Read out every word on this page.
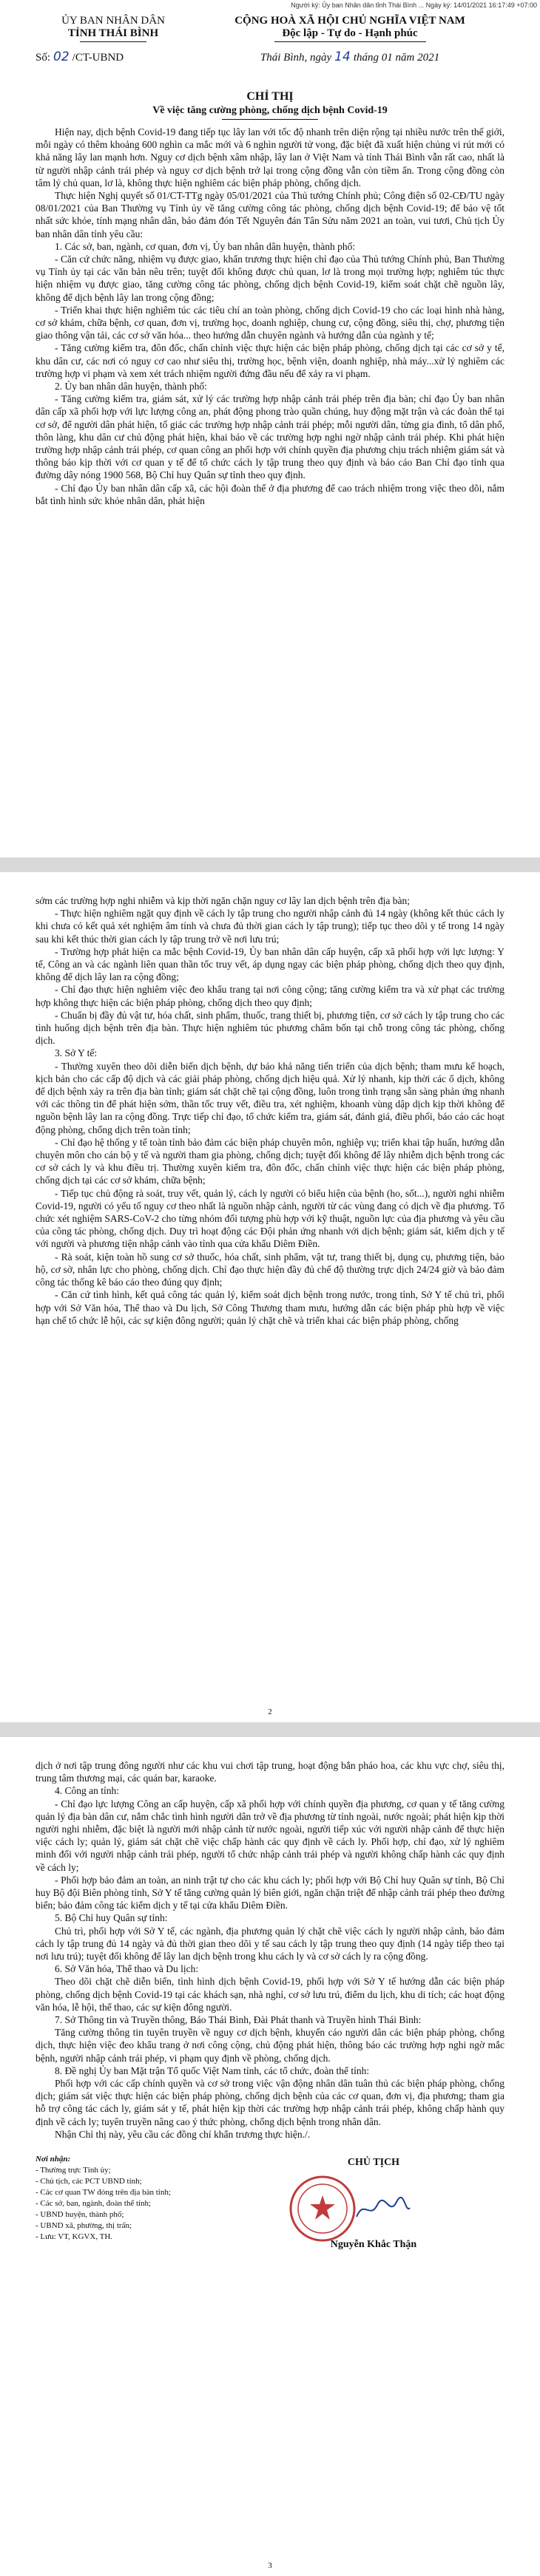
Người ký: Ủy ban Nhân dân tỉnh Thái Bình ... Ngày ký: 14/01/2021 16:17:49 +07:00
ỦY BAN NHÂN DÂN
TỈNH THÁI BÌNH
Số: 02 /CT-UBND
CỘNG HOÀ XÃ HỘI CHỦ NGHĨA VIỆT NAM
Độc lập - Tự do - Hạnh phúc
Thái Bình, ngày 14 tháng 01 năm 2021
CHỈ THỊ
Về việc tăng cường phòng, chống dịch bệnh Covid-19

Hiện nay, dịch bệnh Covid-19 đang tiếp tục lây lan với tốc độ nhanh trên diện rộng tại nhiều nước trên thế giới, mỗi ngày có thêm khoảng 600 nghìn ca mắc mới và 6 nghìn người tử vong, đặc biệt đã xuất hiện chủng vi rút mới có khả năng lây lan mạnh hơn. Nguy cơ dịch bệnh xâm nhập, lây lan ở Việt Nam và tỉnh Thái Bình vẫn rất cao, nhất là từ người nhập cảnh trái phép và nguy cơ dịch bệnh trở lại trong cộng đồng vẫn còn tiềm ẩn. Trong cộng đồng còn tâm lý chủ quan, lơ là, không thực hiện nghiêm các biện pháp phòng, chống dịch.

Thực hiện Nghị quyết số 01/CT-TTg ngày 05/01/2021 của Thủ tướng Chính phủ; Công điện số 02-CĐ/TU ngày 08/01/2021 của Ban Thường vụ Tỉnh ủy về tăng cường công tác phòng, chống dịch bệnh Covid-19; để bảo vệ tốt nhất sức khỏe, tính mạng nhân dân, bảo đảm đón Tết Nguyên đán Tân Sửu năm 2021 an toàn, vui tươi, Chủ tịch Ủy ban nhân dân tỉnh yêu cầu:

1. Các sở, ban, ngành, cơ quan, đơn vị, Ủy ban nhân dân huyện, thành phố:

- Căn cứ chức năng, nhiệm vụ được giao, khẩn trương thực hiện chỉ đạo của Thủ tướng Chính phủ, Ban Thường vụ Tỉnh ủy tại các văn bản nêu trên; tuyệt đối không được chủ quan, lơ là trong mọi trường hợp; nghiêm túc thực hiện nhiệm vụ được giao, tăng cường công tác phòng, chống dịch bệnh Covid-19, kiểm soát chặt chẽ nguồn lây, không để dịch bệnh lây lan trong cộng đồng;

- Triển khai thực hiện nghiêm túc các tiêu chí an toàn phòng, chống dịch Covid-19 cho các loại hình nhà hàng, cơ sở khám, chữa bệnh, cơ quan, đơn vị, trường học, doanh nghiệp, chung cư, cộng đồng, siêu thị, chợ, phương tiện giao thông vận tải, các cơ sở văn hóa... theo hướng dẫn chuyên ngành và hướng dẫn của ngành y tế;

- Tăng cường kiểm tra, đôn đốc, chấn chỉnh việc thực hiện các biện pháp phòng, chống dịch tại các cơ sở y tế, khu dân cư, các nơi có nguy cơ cao như siêu thị, trường học, bệnh viện, doanh nghiệp, nhà máy...xử lý nghiêm các trường hợp vi phạm và xem xét trách nhiệm người đứng đầu nếu để xảy ra vi phạm.

2. Ủy ban nhân dân huyện, thành phố:

- Tăng cường kiểm tra, giám sát, xử lý các trường hợp nhập cảnh trái phép trên địa bàn; chỉ đạo Ủy ban nhân dân cấp xã phối hợp với lực lượng công an, phát động phong trào quần chúng, huy động mặt trận và các đoàn thể tại cơ sở, để người dân phát hiện, tố giác các trường hợp nhập cảnh trái phép; mỗi người dân, từng gia đình, tổ dân phố, thôn làng, khu dân cư chủ động phát hiện, khai báo về các trường hợp nghi ngờ nhập cảnh trái phép. Khi phát hiện trường hợp nhập cảnh trái phép, cơ quan công an phối hợp với chính quyền địa phương chịu trách nhiệm giám sát và thông báo kịp thời với cơ quan y tế để tổ chức cách ly tập trung theo quy định và báo cáo Ban Chỉ đạo tỉnh qua đường dây nóng 1900 568, Bộ Chỉ huy Quân sự tỉnh theo quy định.

- Chỉ đạo Ủy ban nhân dân cấp xã, các hội đoàn thể ở địa phương để cao trách nhiệm trong việc theo dõi, nắm bắt tình hình sức khỏe nhân dân, phát hiện

sớm các trường hợp nghi nhiễm và kịp thời ngăn chặn nguy cơ lây lan dịch bệnh trên địa bàn;

- Thực hiện nghiêm ngặt quy định về cách ly tập trung cho người nhập cảnh đủ 14 ngày (không kết thúc cách ly khi chưa có kết quả xét nghiệm âm tính và chưa đủ thời gian cách ly tập trung); tiếp tục theo dõi y tế trong 14 ngày sau khi kết thúc thời gian cách ly tập trung trở về nơi lưu trú;

- Trường hợp phát hiện ca mắc bệnh Covid-19, Ủy ban nhân dân cấp huyện, cấp xã phối hợp với lực lượng: Y tế, Công an và các ngành liên quan thần tốc truy vết, áp dụng ngay các biện pháp phòng, chống dịch theo quy định, không để dịch lây lan ra cộng đồng;

- Chỉ đạo thực hiện nghiêm việc đeo khẩu trang tại nơi công cộng; tăng cường kiểm tra và xử phạt các trường hợp không thực hiện các biện pháp phòng, chống dịch theo quy định;

- Chuẩn bị đầy đủ vật tư, hóa chất, sinh phẩm, thuốc, trang thiết bị, phương tiện, cơ sở cách ly tập trung cho các tình huống dịch bệnh trên địa bàn. Thực hiện nghiêm túc phương châm bốn tại chỗ trong công tác phòng, chống dịch.

3. Sở Y tế:

- Thường xuyên theo dõi diễn biến dịch bệnh, dự báo khả năng tiến triển của dịch bệnh; tham mưu kế hoạch, kịch bản cho các cấp độ dịch và các giải pháp phòng, chống dịch hiệu quả. Xử lý nhanh, kịp thời các ổ dịch, không để dịch bệnh xảy ra trên địa bàn tỉnh; giám sát chặt chẽ tại cộng đồng, luôn trong tình trạng sẵn sàng phản ứng nhanh với các thông tin để phát hiện sớm, thần tốc truy vết, điều tra, xét nghiệm, khoanh vùng dập dịch kịp thời không để nguồn bệnh lây lan ra cộng đồng. Trực tiếp chỉ đạo, tổ chức kiểm tra, giám sát, đánh giá, điều phối, báo cáo các hoạt động phòng, chống dịch trên toàn tỉnh;

- Chỉ đạo hệ thống y tế toàn tỉnh bảo đảm các biện pháp chuyên môn, nghiệp vụ; triển khai tập huấn, hướng dẫn chuyên môn cho cán bộ y tế và người tham gia phòng, chống dịch; tuyệt đối không để lây nhiễm dịch bệnh trong các cơ sở cách ly và khu điều trị. Thường xuyên kiểm tra, đôn đốc, chấn chỉnh việc thực hiện các biện pháp phòng, chống dịch tại các cơ sở khám, chữa bệnh;

- Tiếp tục chủ động rà soát, truy vết, quản lý, cách ly người có biểu hiện của bệnh (ho, sốt...), người nghi nhiễm Covid-19, người có yếu tố nguy cơ theo nhất là nguồn nhập cảnh, người từ các vùng đang có dịch về địa phương. Tổ chức xét nghiệm SARS-CoV-2 cho từng nhóm đối tượng phù hợp với kỹ thuật, nguồn lực của địa phương và yêu cầu của công tác phòng, chống dịch. Duy trì hoạt động các Đội phản ứng nhanh với dịch bệnh; giám sát, kiểm dịch y tế với người và phương tiện nhập cảnh vào tỉnh qua cửa khẩu Diêm Điền.

- Rà soát, kiện toàn hồ sung cơ sở thuốc, hóa chất, sinh phẩm, vật tư, trang thiết bị, dụng cụ, phương tiện, bảo hộ, cơ sở, nhân lực cho phòng, chống dịch. Chỉ đạo thực hiện đầy đủ chế độ thường trực dịch 24/24 giờ và bảo đảm công tác thống kê báo cáo theo đúng quy định;

- Căn cứ tình hình, kết quả công tác quản lý, kiểm soát dịch bệnh trong nước, trong tỉnh, Sở Y tế chủ trì, phối hợp với Sở Văn hóa, Thể thao và Du lịch, Sở Công Thương tham mưu, hướng dẫn các biện pháp phù hợp về việc hạn chế tổ chức lễ hội, các sự kiện đông người; quản lý chặt chẽ và triển khai các biện pháp phòng, chống

2

dịch ở nơi tập trung đông người như các khu vui chơi tập trung, hoạt động bắn pháo hoa, các khu vực chợ, siêu thị, trung tâm thương mại, các quán bar, karaoke.

4. Công an tỉnh:

- Chỉ đạo lực lượng Công an cấp huyện, cấp xã phối hợp với chính quyền địa phương, cơ quan y tế tăng cường quản lý địa bàn dân cư, nắm chắc tình hình người dân trở về địa phương từ tỉnh ngoài, nước ngoài; phát hiện kịp thời người nghi nhiễm, đặc biệt là người mới nhập cảnh từ nước ngoài, người tiếp xúc với người nhập cảnh để thực hiện việc cách ly; quản lý, giám sát chặt chẽ việc chấp hành các quy định về cách ly. Phối hợp, chỉ đạo, xử lý nghiêm minh đối với người nhập cảnh trái phép, người tổ chức nhập cảnh trái phép và người không chấp hành các quy định về cách ly;

- Phối hợp bảo đảm an toàn, an ninh trật tự cho các khu cách ly; phối hợp với Bộ Chỉ huy Quân sự tỉnh, Bộ Chỉ huy Bộ đội Biên phòng tỉnh, Sở Y tế tăng cường quản lý biên giới, ngăn chặn triệt để nhập cảnh trái phép theo đường biển; bảo đảm công tác kiểm dịch y tế tại cửa khẩu Diêm Điền.

5. Bộ Chỉ huy Quân sự tỉnh:

Chủ trì, phối hợp với Sở Y tế, các ngành, địa phương quản lý chặt chẽ việc cách ly người nhập cảnh, bảo đảm cách ly tập trung đủ 14 ngày và đủ thời gian theo dõi y tế sau cách ly tập trung theo quy định (14 ngày tiếp theo tại nơi lưu trú); tuyệt đối không để lây lan dịch bệnh trong khu cách ly và cơ sở cách ly ra cộng đồng.

6. Sở Văn hóa, Thể thao và Du lịch:

Theo dõi chặt chẽ diễn biến, tình hình dịch bệnh Covid-19, phối hợp với Sở Y tế hướng dẫn các biện pháp phòng, chống dịch bệnh Covid-19 tại các khách sạn, nhà nghỉ, cơ sở lưu trú, điểm du lịch, khu di tích; các hoạt động văn hóa, lễ hội, thể thao, các sự kiện đông người.

7. Sở Thông tin và Truyền thông, Báo Thái Bình, Đài Phát thanh và Truyền hình Thái Bình:

Tăng cường thông tin tuyên truyền về nguy cơ dịch bệnh, khuyến cáo người dân các biện pháp phòng, chống dịch, thực hiện việc đeo khẩu trang ở nơi công cộng, chủ động phát hiện, thông báo các trường hợp nghi ngờ mắc bệnh, người nhập cảnh trái phép, vi phạm quy định về phòng, chống dịch.

8. Đề nghị Ủy ban Mặt trận Tổ quốc Việt Nam tỉnh, các tổ chức, đoàn thể tỉnh:

Phối hợp với các cấp chính quyền và cơ sở trong việc vận động nhân dân tuân thủ các biện pháp phòng, chống dịch; giám sát việc thực hiện các biện pháp phòng, chống dịch bệnh của các cơ quan, đơn vị, địa phương; tham gia hỗ trợ công tác cách ly, giám sát y tế, phát hiện kịp thời các trường hợp nhập cảnh trái phép, không chấp hành quy định về cách ly; tuyên truyền nâng cao ý thức phòng, chống dịch bệnh trong nhân dân.

Nhận Chỉ thị này, yêu cầu các đồng chí khẩn trương thực hiện./.

Nơi nhận:
- Thường trực Tỉnh ủy;
- Chủ tịch, các PCT UBND tỉnh;
- Các cơ quan TW đóng trên địa bàn tỉnh;
- Các sở, ban, ngành, đoàn thể tỉnh;
- UBND huyện, thành phố;
- UBND xã, phường, thị trấn;
- Lưu: VT, KGVX, TH.
CHỦ TỊCH
Nguyễn Khắc Thận
3
